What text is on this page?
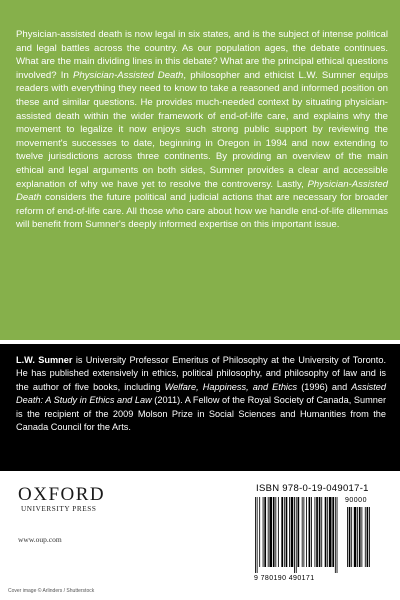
Physician-assisted death is now legal in six states, and is the subject of intense political and legal battles across the country. As our population ages, the debate continues. What are the main dividing lines in this debate? What are the principal ethical questions involved? In Physician-Assisted Death, philosopher and ethicist L.W. Sumner equips readers with everything they need to know to take a reasoned and informed position on these and similar questions. He provides much-needed context by situating physician-assisted death within the wider framework of end-of-life care, and explains why the movement to legalize it now enjoys such strong public support by reviewing the movement's successes to date, beginning in Oregon in 1994 and now extending to twelve jurisdictions across three continents. By providing an overview of the main ethical and legal arguments on both sides, Sumner provides a clear and accessible explanation of why we have yet to resolve the controversy. Lastly, Physician-Assisted Death considers the future political and judicial actions that are necessary for broader reform of end-of-life care. All those who care about how we handle end-of-life dilemmas will benefit from Sumner's deeply informed expertise on this important issue.

L.W. Sumner is University Professor Emeritus of Philosophy at the University of Toronto. He has published extensively in ethics, political philosophy, and philosophy of law and is the author of five books, including Welfare, Happiness, and Ethics (1996) and Assisted Death: A Study in Ethics and Law (2011). A Fellow of the Royal Society of Canada, Sumner is the recipient of the 2009 Molson Prize in Social Sciences and Humanities from the Canada Council for the Arts.

OXFORD
UNIVERSITY PRESS
www.oup.com
Cover image © Arlinders / Shutterstock
ISBN 978-0-19-049017-1
90000
9 780190 490171
